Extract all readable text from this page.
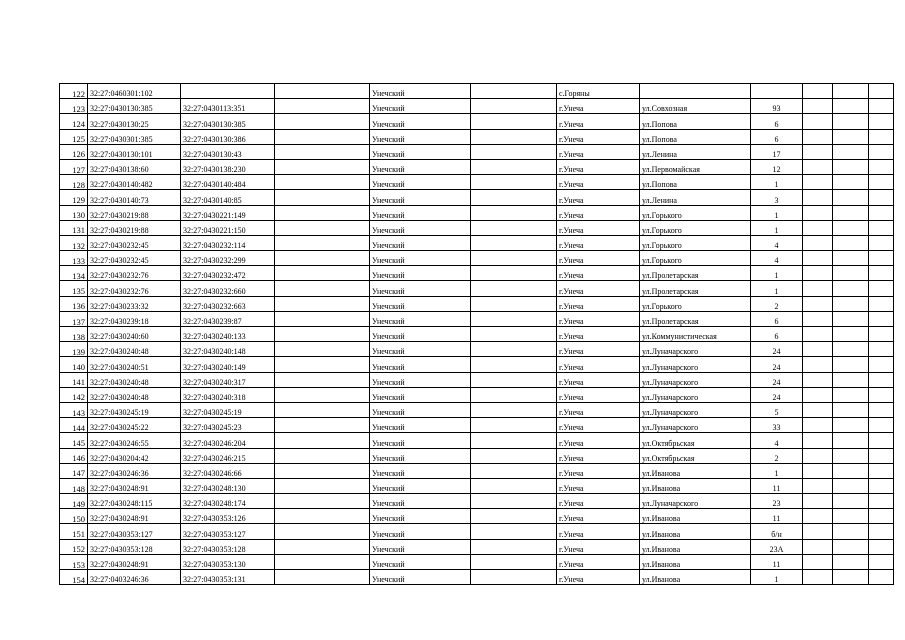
122	32:27:0460301:102			Унечский		с.Горяны					
123	32:27:0430130:385	32:27:0430113:351		Унечский		г.Унеча	ул.Совхозная	93			
124	32:27:0430130:25	32:27:0430130:385		Унечский		г.Унеча	ул.Попова	6			
125	32:27:0430301:385	32:27:0430130:386		Унечский		г.Унеча	ул.Попова	6			
126	32:27:0430130:101	32:27:0430130:43		Унечский		г.Унеча	ул.Ленина	17			
127	32:27:0430138:60	32:27:0430138:230		Унечский		г.Унеча	ул.Первомайская	12			
128	32:27:0430140:482	32:27:0430140:484		Унечский		г.Унеча	ул.Попова	1			
129	32:27:0430140:73	32:27:0430140:85		Унечский		г.Унеча	ул.Ленина	3			
130	32:27:0430219:88	32:27:0430221:149		Унечский		г.Унеча	ул.Горького	1			
131	32:27:0430219:88	32:27:0430221:150		Унечский		г.Унеча	ул.Горького	1			
132	32:27:0430232:45	32:27:0430232:114		Унечский		г.Унеча	ул.Горького	4			
133	32:27:0430232:45	32:27:0430232:299		Унечский		г.Унеча	ул.Горького	4			
134	32:27:0430232:76	32:27:0430232:472		Унечский		г.Унеча	ул.Пролетарская	1			
135	32:27:0430232:76	32:27:0430232:660		Унечский		г.Унеча	ул.Пролетарская	1			
136	32:27:0430233:32	32:27:0430232:663		Унечский		г.Унеча	ул.Горького	2			
137	32:27:0430239:18	32:27:0430239:87		Унечский		г.Унеча	ул.Пролетарская	6			
138	32:27:0430240:60	32:27:0430240:133		Унечский		г.Унеча	ул.Коммунистическая	6			
139	32:27:0430240:48	32:27:0430240:148		Унечский		г.Унеча	ул.Луначарского	24			
140	32:27:0430240:51	32:27:0430240:149		Унечский		г.Унеча	ул.Луначарского	24			
141	32:27:0430240:48	32:27:0430240:317		Унечский		г.Унеча	ул.Луначарского	24			
142	32:27:0430240:48	32:27:0430240:318		Унечский		г.Унеча	ул.Луначарского	24			
143	32:27:0430245:19	32:27:0430245:19		Унечский		г.Унеча	ул.Луначарского	5			
144	32:27:0430245:22	32:27:0430245:23		Унечский		г.Унеча	ул.Луначарского	33			
145	32:27:0430246:55	32:27:0430246:204		Унечский		г.Унеча	ул.Октябрьская	4			
146	32:27:0430204:42	32:27:0430246:215		Унечский		г.Унеча	ул.Октябрьская	2			
147	32:27:0430246:36	32:27:0430246:66		Унечский		г.Унеча	ул.Иванова	1			
148	32:27:0430248:91	32:27:0430248:130		Унечский		г.Унеча	ул.Иванова	11			
149	32:27:0430248:115	32:27:0430248:174		Унечский		г.Унеча	ул.Луначарского	23			
150	32:27:0430248:91	32:27:0430353:126		Унечский		г.Унеча	ул.Иванова	11			
151	32:27:0430353:127	32:27:0430353:127		Унечский		г.Унеча	ул.Иванова	б/н			
152	32:27:0430353:128	32:27:0430353:128		Унечский		г.Унеча	ул.Иванова	23А			
153	32:27:0430248:91	32:27:0430353:130		Унечский		г.Унеча	ул.Иванова	11			
154	32:27:0403246:36	32:27:0430353:131		Унечский		г.Унеча	ул.Иванова	1			
